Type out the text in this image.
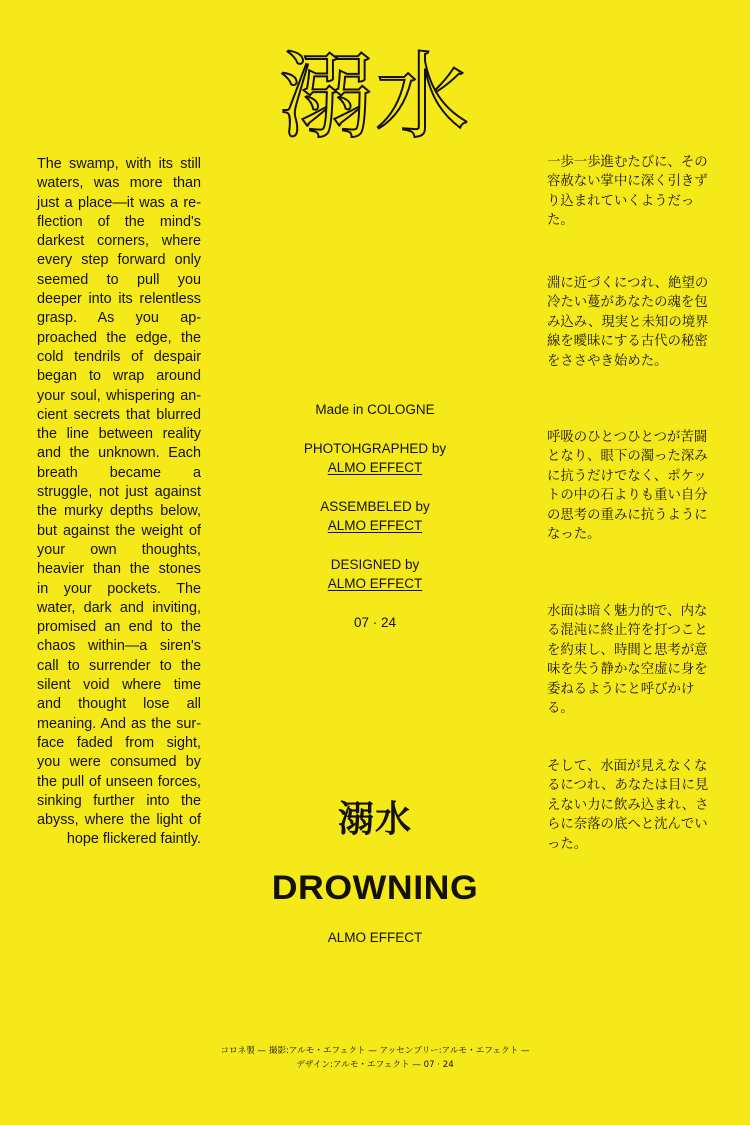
溺水
The swamp, with its still waters, was more than just a place—it was a reflection of the mind's darkest corners, where every step forward only seemed to pull you deeper into its relentless grasp. As you approached the edge, the cold tendrils of despair began to wrap around your soul, whispering ancient secrets that blurred the line between reality and the unknown. Each breath became a struggle, not just against the murky depths below, but against the weight of your own thoughts, heavier than the stones in your pockets. The water, dark and inviting, promised an end to the chaos within—a siren's call to surrender to the silent void where time and thought lose all meaning. And as the surface faded from sight, you were consumed by the pull of unseen forces, sinking further into the abyss, where the light of hope flickered faintly.

一歩一歩進むたびに、その容赦ない掌中に深く引きずり込まれていくようだった。

淵に近づくにつれ、絶望の冷たい蔓があなたの魂を包み込み、現実と未知の境界線を曖昧にする古代の秘密をささやき始めた。

呼吸のひとつひとつが苦闘となり、眼下の濁った深みに抗うだけでなく、ポケットの中の石よりも重い自分の思考の重みに抗うようになった。

水面は暗く魅力的で、内なる混沌に終止符を打つことを約束し、時間と思考が意味を失う静かな空虚に身を委ねるようにと呼びかける。

そして、水面が見えなくなるにつれ、あなたは目に見えない力に飲み込まれ、さらに奈落の底へと沈んでいった。

Made in COLOGNE
PHOTOHGRAPHED by
ALMO EFFECT
ASSEMBELED by
ALMO EFFECT
DESIGNED by
ALMO EFFECT
07 · 24
溺水
DROWNING
ALMO EFFECT
コロネ製 — 撮影:アルモ・エフェクト — アッセンブリー:アルモ・エフェクト —
デザイン:アルモ・エフェクト — 07 · 24
